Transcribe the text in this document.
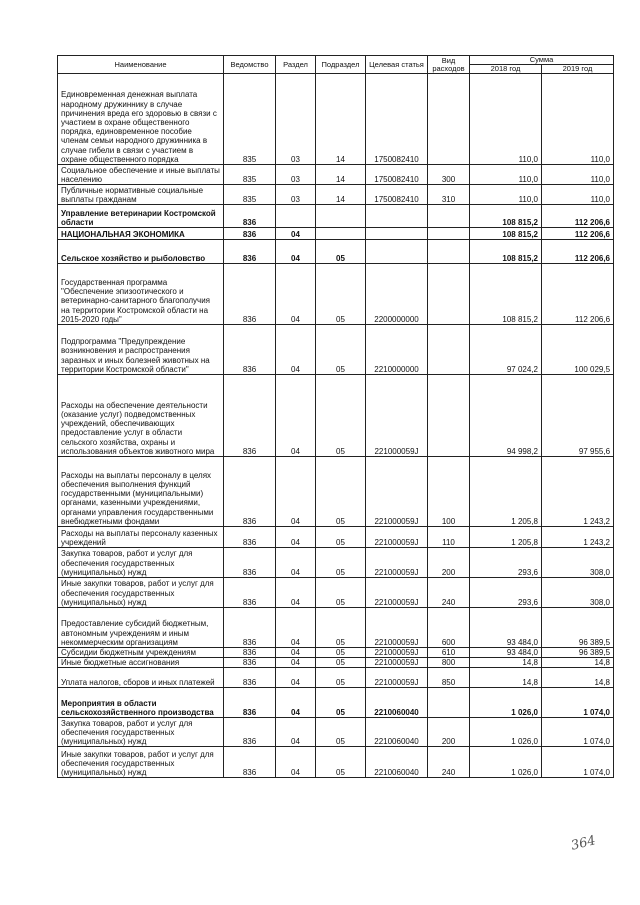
Наименование	Ведомство	Раздел	Подраздел	Целевая статья	Вид расходов	Сумма	
						2018 год	2019 год
Единовременная денежная выплата народному дружиннику в случае причинения вреда его здоровью в связи с участием в охране общественного порядка, единовременное пособие членам семьи народного дружинника в случае гибели в связи с участием в охране общественного порядка	835	03	14	1750082410		110,0	110,0
Социальное обеспечение и иные выплаты населению	835	03	14	1750082410	300	110,0	110,0
Публичные нормативные социальные выплаты гражданам	835	03	14	1750082410	310	110,0	110,0
Управление ветеринарии Костромской области	836					108 815,2	112 206,6
НАЦИОНАЛЬНАЯ ЭКОНОМИКА	836	04				108 815,2	112 206,6
Сельское хозяйство и рыболовство	836	04	05			108 815,2	112 206,6
Государственная программа "Обеспечение эпизоотического и ветеринарно-санитарного благополучия на территории Костромской области на 2015-2020 годы"	836	04	05	2200000000		108 815,2	112 206,6
Подпрограмма "Предупреждение возникновения и распространения заразных и иных болезней животных на территории Костромской области"	836	04	05	2210000000		97 024,2	100 029,5
Расходы на обеспечение деятельности (оказание услуг) подведомственных учреждений, обеспечивающих предоставление услуг в области сельского хозяйства, охраны и использования объектов животного мира	836	04	05	221000059J		94 998,2	97 955,6
Расходы на выплаты персоналу в целях обеспечения выполнения функций государственными (муниципальными) органами, казенными учреждениями, органами управления государственными внебюджетными фондами	836	04	05	221000059J	100	1 205,8	1 243,2
Расходы на выплаты персоналу казенных учреждений	836	04	05	221000059J	110	1 205,8	1 243,2
Закупка товаров, работ и услуг для обеспечения государственных (муниципальных) нужд	836	04	05	221000059J	200	293,6	308,0
Иные закупки товаров, работ и услуг для обеспечения государственных (муниципальных) нужд	836	04	05	221000059J	240	293,6	308,0
Предоставление субсидий бюджетным, автономным учреждениям и иным некоммерческим организациям	836	04	05	221000059J	600	93 484,0	96 389,5
Субсидии бюджетным учреждениям	836	04	05	221000059J	610	93 484,0	96 389,5
Иные бюджетные ассигнования	836	04	05	221000059J	800	14,8	14,8
Уплата налогов, сборов и иных платежей	836	04	05	221000059J	850	14,8	14,8
Мероприятия в области сельскохозяйственного производства	836	04	05	2210060040		1 026,0	1 074,0
Закупка товаров, работ и услуг для обеспечения государственных (муниципальных) нужд	836	04	05	2210060040	200	1 026,0	1 074,0
Иные закупки товаров, работ и услуг для обеспечения государственных (муниципальных) нужд	836	04	05	2210060040	240	1 026,0	1 074,0
364
